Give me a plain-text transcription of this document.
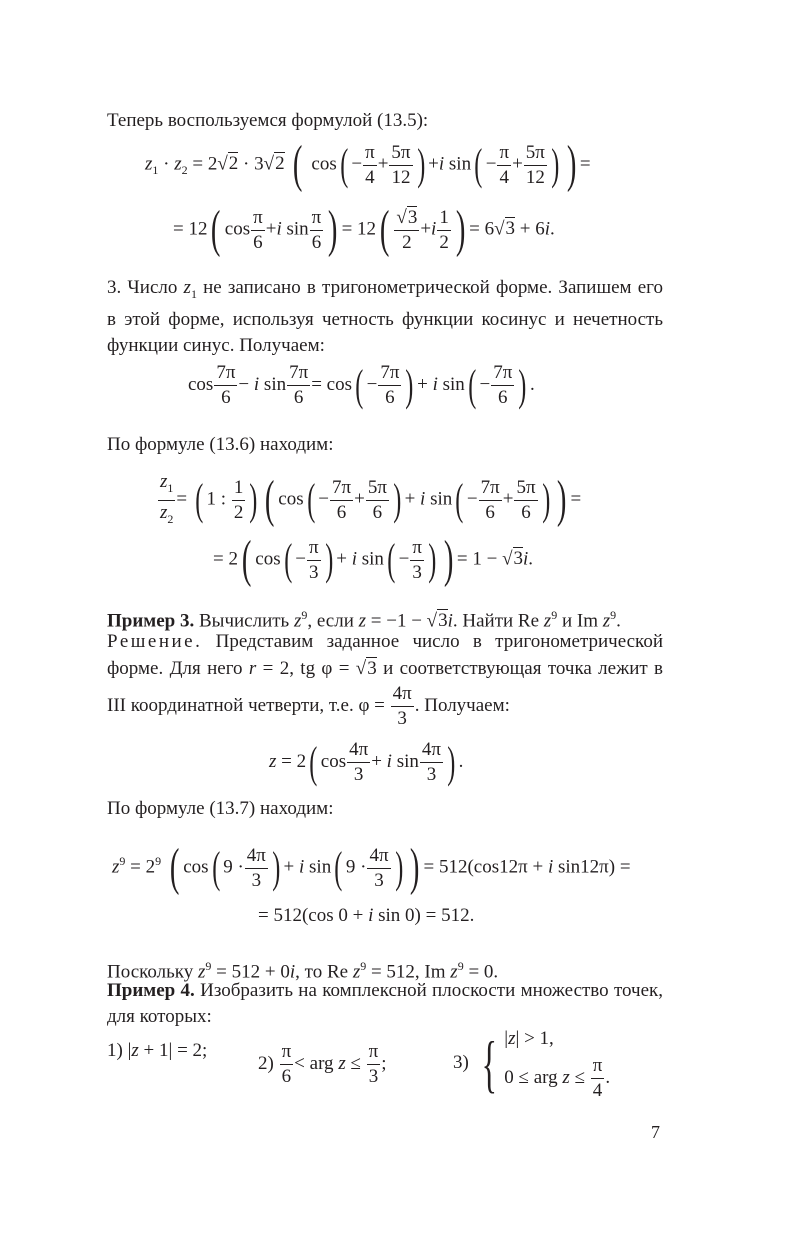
Теперь воспользуемся формулой (13.5):
$z_1 \cdot z_2 = 2√2 \cdot 3√2$ ( $\cos( - \frac{\pi}{4} + \frac{5\pi}{12}$ ) +i $\sin( - \frac{\pi}{4} + \frac{5\pi}{12}$ ) ) =
= 12( $\cos \frac{\pi}{6} +i$ $\sin \frac{\pi}{6}$ ) = $12( \frac{√3}{2} +i \frac{1}{2}$ ) = 6√3 + 6i.
3. Число $z_1$ не записано в тригонометрической форме. Запишем его в этой форме, используя четность функции косинус и нечетность функции синус. Получаем:
$\cos \frac{7\pi}{6} - i$ $\sin \frac{7\pi}{6} = \cos( - \frac{7\pi}{6}$ ) + i $\sin( - \frac{7\pi}{6}$ ) .
По формуле (13.6) находим:
$\frac{z_1}{z_2}$ = ( 1 : $\frac{1}{2}$ ) ( $\cos( - \frac{7\pi}{6} + \frac{5\pi}{6}$ ) + i $\sin( - \frac{7\pi}{6} + \frac{5\pi}{6}$ ) ) =
= 2( $\cos( - \frac{\pi}{3}$ ) + i $\sin( - \frac{\pi}{3}$ ) ) = 1 − √3i.
Пример 3. Вычислить $z^9$, если z = −1 − √3i. Найти Re $z^9$ и Im $z^9$.
Решение. Представим заданное число в тригонометрической форме. Для него r = 2, tg φ = √3 и соответствующая точка лежит в III координатной четверти, т.е. $\varphi = \frac{4\pi}{3}$ . Получаем:
z = 2( $\cos \frac{4\pi}{3} + i$ $\sin \frac{4\pi}{3}$ ) .
По формуле (13.7) находим:
$z^9 = 2^9$ ( cos( $9 \cdot \frac{4\pi}{3}$ ) + i sin( $9 \cdot \frac{4\pi}{3}$ ) ) = 512(cos12π + i sin12π) =
= 512(cos 0 + i sin 0) = 512.
Поскольку $z^9 = 512 + 0i$, то Re $z^9 = 512$, Im $z^9 = 0$.
Пример 4. Изобразить на комплексной плоскости множество точек, для которых:
1) |z + 1| = 2;
$2) \frac{\pi}{6}$ < arg $z \le \frac{\pi}{3}$ ;	3) { |z| > 1,
0 ≤ arg $z \le \frac{\pi}{4}$ .
7
